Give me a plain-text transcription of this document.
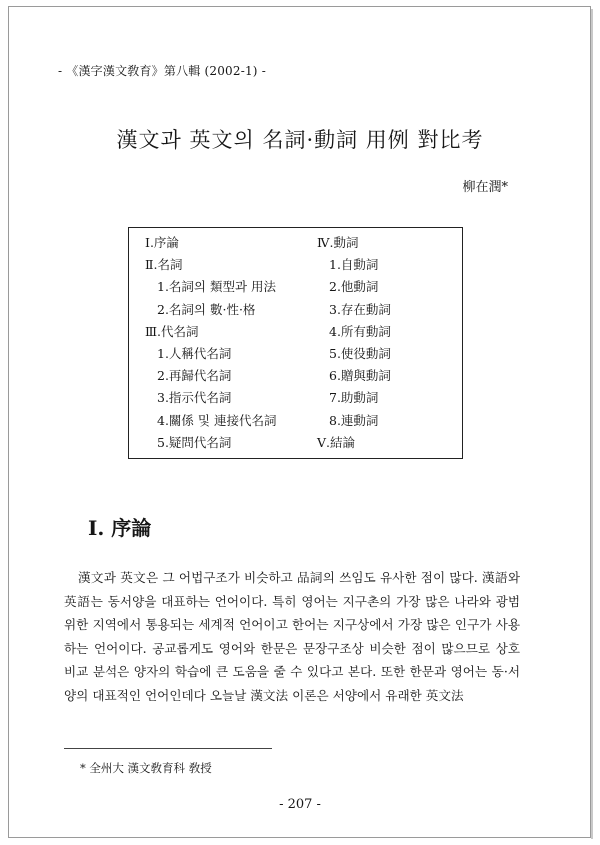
- 《漢字漢文敎育》第八輯 (2002-1) -
漢文과 英文의 名詞·動詞 用例 對比考
柳在潤*
Ⅰ.序論
Ⅱ.名詞
1.名詞의 類型과 用法
2.名詞의 數·性·格
Ⅲ.代名詞
1.人稱代名詞
2.再歸代名詞
3.指示代名詞
4.關係 및 連接代名詞
5.疑問代名詞
Ⅳ.動詞
1.自動詞
2.他動詞
3.存在動詞
4.所有動詞
5.使役動詞
6.贈與動詞
7.助動詞
8.連動詞
Ⅴ.結論
Ⅰ. 序論

漢文과 英文은 그 어법구조가 비슷하고 品詞의 쓰임도 유사한 점이 많다. 漢語와 英語는 동서양을 대표하는 언어이다. 특히 영어는 지구촌의 가장 많은 나라와 광범위한 지역에서 통용되는 세계적 언어이고 한어는 지구상에서 가장 많은 인구가 사용하는 언어이다. 공교롭게도 영어와 한문은 문장구조상 비슷한 점이 많으므로 상호 비교 분석은 양자의 학습에 큰 도움을 줄 수 있다고 본다. 또한 한문과 영어는 동·서양의 대표적인 언어인데다 오늘날 漢文法 이론은 서양에서 유래한 英文法

* 全州大 漢文敎育科 敎授
- 207 -
